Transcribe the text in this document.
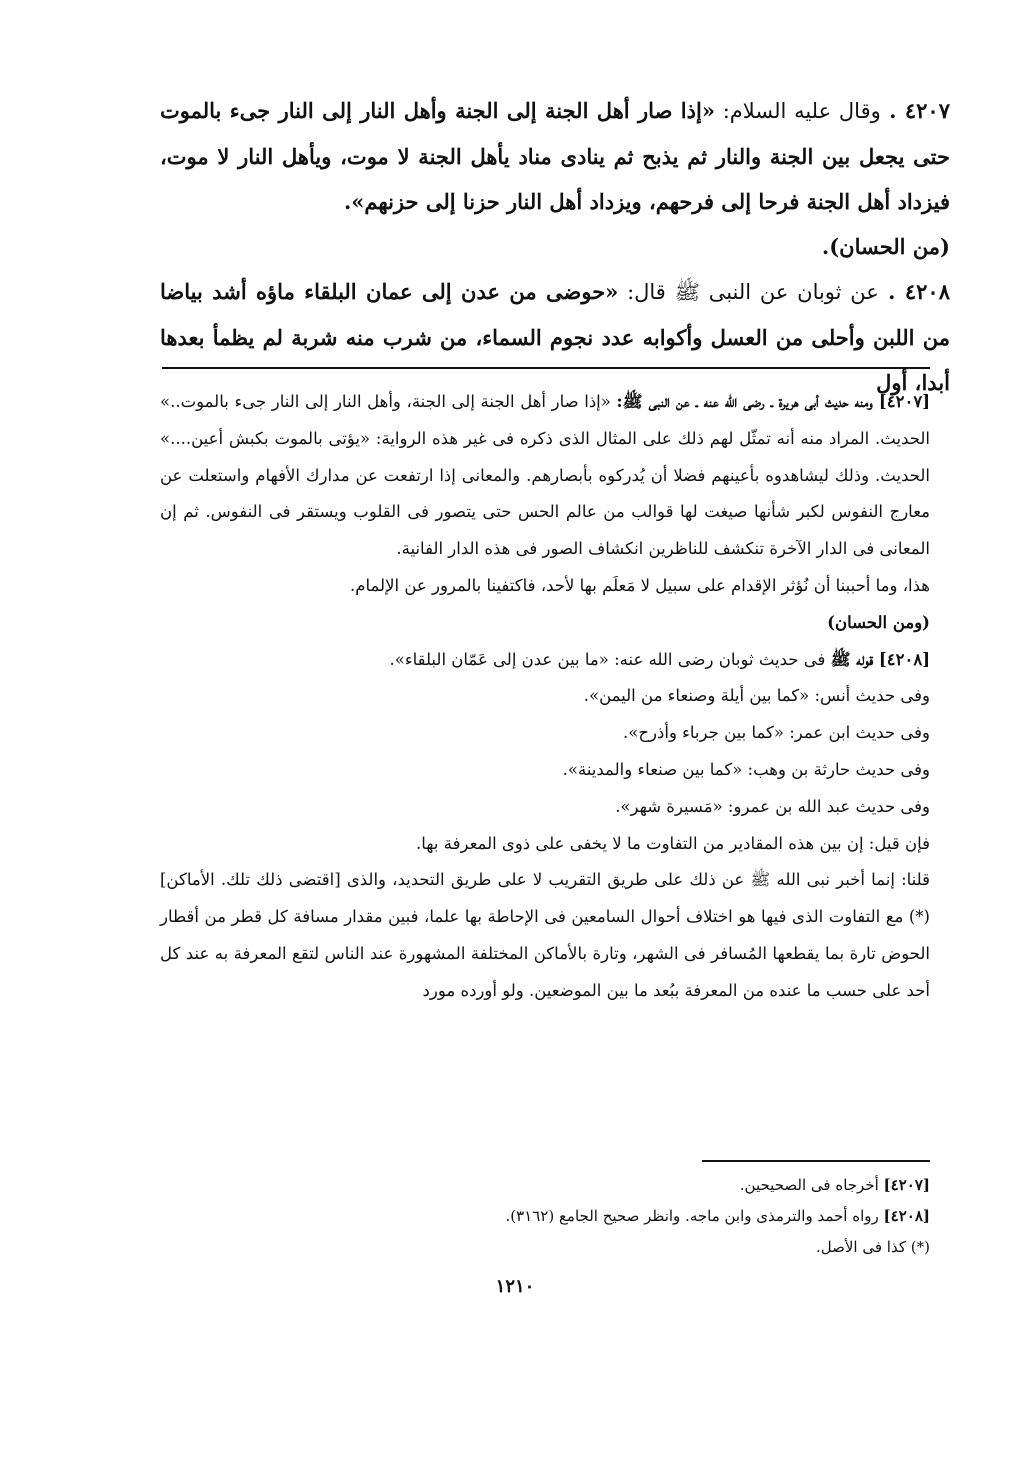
٤٢٠٧ . وقال عليه السلام: «إذا صار أهل الجنة إلى الجنة وأهل النار إلى النار جىء بالموت حتى يجعل بين الجنة والنار ثم يذبح ثم ينادى مناد يأهل الجنة لا موت، ويأهل النار لا موت، فيزداد أهل الجنة فرحا إلى فرحهم، ويزداد أهل النار حزنا إلى حزنهم».

(من الحسان).

٤٢٠٨ . عن ثوبان عن النبى ﷺ قال: «حوضى من عدن إلى عمان البلقاء ماؤه أشد بياضا من اللبن وأحلى من العسل وأكوابه عدد نجوم السماء، من شرب منه شربة لم يظمأ بعدها أبدا، أول

[٤٢٠٧] ومنه حديث أبى هريرة ـ رضى الله عنه ـ عن النبى ﷺ: «إذا صار أهل الجنة إلى الجنة، وأهل النار إلى النار جىء بالموت..» الحديث. المراد منه أنه تمثّل لهم ذلك على المثال الذى ذكره فى غير هذه الرواية: «يؤتى بالموت بكبش أعين....» الحديث. وذلك ليشاهدوه بأعينهم فضلا أن يُدركوه بأبصارهم. والمعانى إذا ارتفعت عن مدارك الأفهام واستعلت عن معارج النفوس لكبر شأنها صيغت لها قوالب من عالم الحس حتى يتصور فى القلوب ويستقر فى النفوس. ثم إن المعانى فى الدار الآخرة تنكشف للناظرين انكشاف الصور فى هذه الدار الفانية.

هذا، وما أحببنا أن نُؤثر الإقدام على سبيل لا مَعلَم بها لأحد، فاكتفينا بالمرور عن الإلمام.

(ومن الحسان)

[٤٢٠٨] قوله ﷺ فى حديث ثوبان رضى الله عنه: «ما بين عدن إلى عَمّان البلقاء».

وفى حديث أنس: «كما بين أيلة وصنعاء من اليمن».

وفى حديث ابن عمر: «كما بين جرباء وأذرح».

وفى حديث حارثة بن وهب: «كما بين صنعاء والمدينة».

وفى حديث عبد الله بن عمرو: «مَسيرة شهر».

فإن قيل: إن بين هذه المقادير من التفاوت ما لا يخفى على ذوى المعرفة بها.

قلنا: إنما أخبر نبى الله ﷺ عن ذلك على طريق التقريب لا على طريق التحديد، والذى [اقتضى ذلك تلك. الأماكن](*) مع التفاوت الذى فيها هو اختلاف أحوال السامعين فى الإحاطة بها علما، فبين مقدار مسافة كل قطر من أقطار الحوض تارة بما يقطعها المُسافر فى الشهر، وتارة بالأماكن المختلفة المشهورة عند الناس لتقع المعرفة به عند كل أحد على حسب ما عنده من المعرفة ببُعد ما بين الموضعين. ولو أورده مورد

[٤٢٠٧] أخرجاه فى الصحيحين.

[٤٢٠٨] رواه أحمد والترمذى وابن ماجه. وانظر صحيح الجامع (٣١٦٢).

(*) كذا فى الأصل.

١٢١٠
